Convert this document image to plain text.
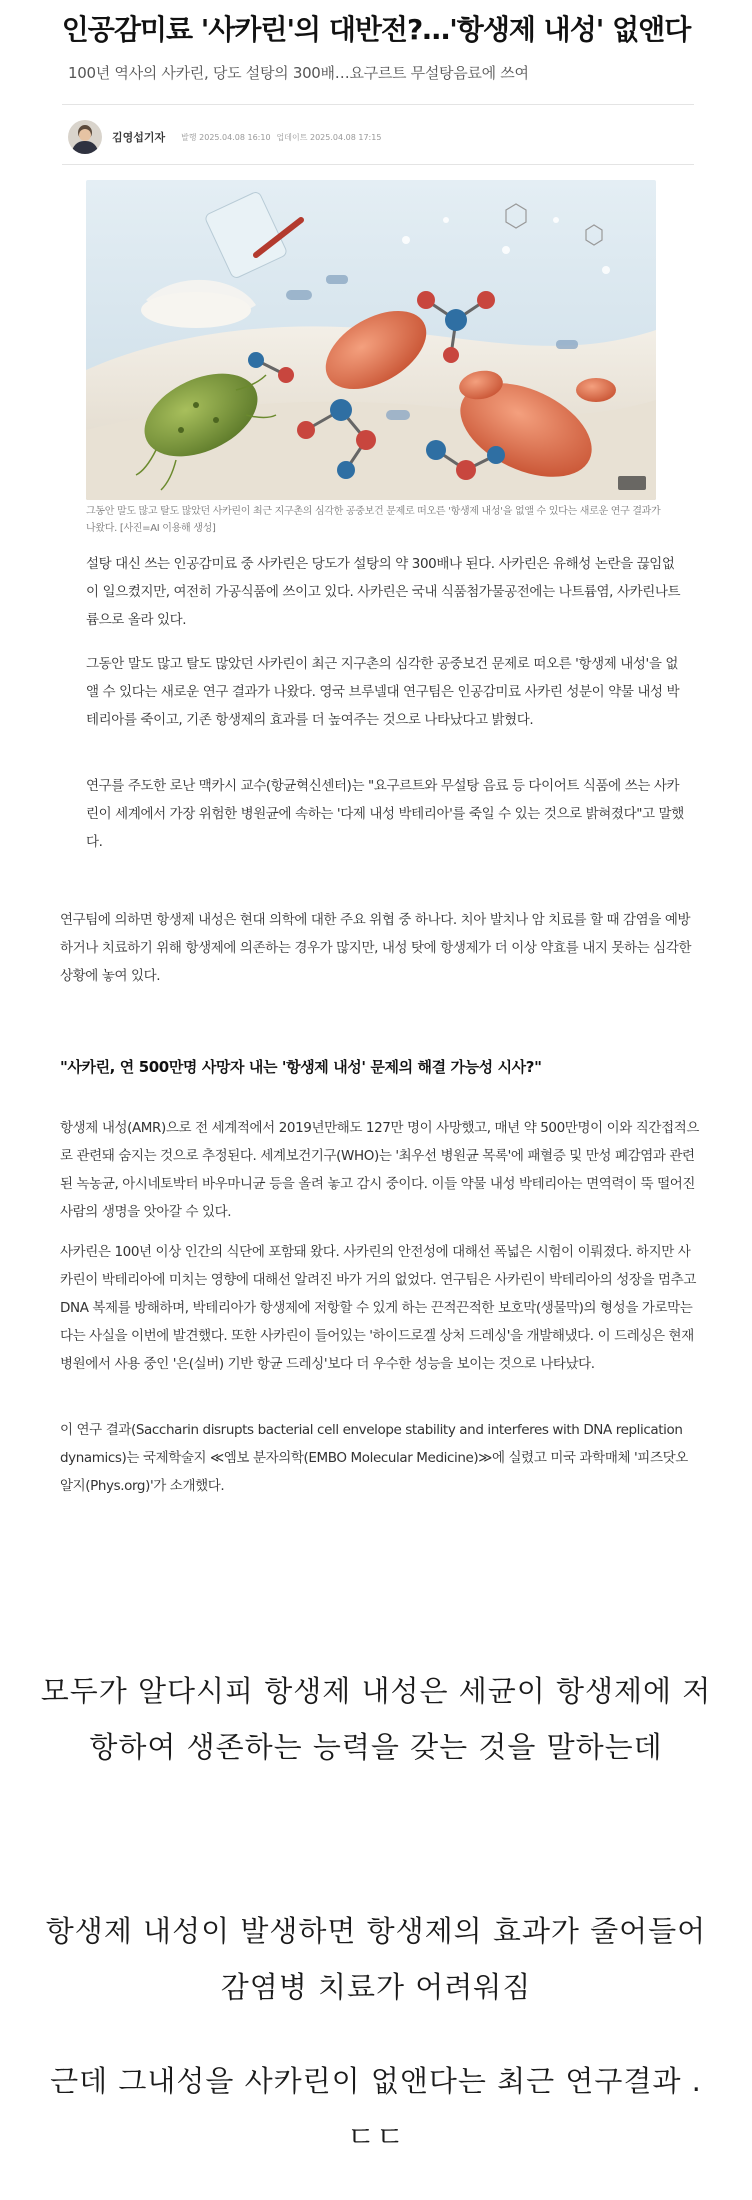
인공감미료 '사카린'의 대반전?…'항생제 내성' 없앤다
100년 역사의 사카린, 당도 설탕의 300배…요구르트 무설탕음료에 쓰여
김영섭기자 발행 2025.04.08 16:10 업데이트 2025.04.08 17:15

그동안 말도 많고 탈도 많았던 사카린이 최근 지구촌의 심각한 공중보건 문제로 떠오른 '항생제 내성'을 없앨 수 있다는 새로운 연구 결과가 나왔다. [사진=AI 이용해 생성]

설탕 대신 쓰는 인공감미료 중 사카린은 당도가 설탕의 약 300배나 된다. 사카린은 유해성 논란을 끊임없이 일으켰지만, 여전히 가공식품에 쓰이고 있다. 사카린은 국내 식품첨가물공전에는 나트륨염, 사카린나트륨으로 올라 있다.

그동안 말도 많고 탈도 많았던 사카린이 최근 지구촌의 심각한 공중보건 문제로 떠오른 '항생제 내성'을 없앨 수 있다는 새로운 연구 결과가 나왔다. 영국 브루넬대 연구팀은 인공감미료 사카린 성분이 약물 내성 박테리아를 죽이고, 기존 항생제의 효과를 더 높여주는 것으로 나타났다고 밝혔다.

연구를 주도한 로난 맥카시 교수(항균혁신센터)는 "요구르트와 무설탕 음료 등 다이어트 식품에 쓰는 사카린이 세계에서 가장 위험한 병원균에 속하는 '다제 내성 박테리아'를 죽일 수 있는 것으로 밝혀졌다"고 말했다.

연구팀에 의하면 항생제 내성은 현대 의학에 대한 주요 위협 중 하나다. 치아 발치나 암 치료를 할 때 감염을 예방하거나 치료하기 위해 항생제에 의존하는 경우가 많지만, 내성 탓에 항생제가 더 이상 약효를 내지 못하는 심각한 상황에 놓여 있다.

"사카린, 연 500만명 사망자 내는 '항생제 내성' 문제의 해결 가능성 시사?"

항생제 내성(AMR)으로 전 세계적에서 2019년만해도 127만 명이 사망했고, 매년 약 500만명이 이와 직간접적으로 관련돼 숨지는 것으로 추정된다. 세계보건기구(WHO)는 '최우선 병원균 목록'에 패혈증 및 만성 폐감염과 관련된 녹농균, 아시네토박터 바우마니균 등을 올려 놓고 감시 중이다. 이들 약물 내성 박테리아는 면역력이 뚝 떨어진 사람의 생명을 앗아갈 수 있다.

사카린은 100년 이상 인간의 식단에 포함돼 왔다. 사카린의 안전성에 대해선 폭넓은 시험이 이뤄졌다. 하지만 사카린이 박테리아에 미치는 영향에 대해선 알려진 바가 거의 없었다. 연구팀은 사카린이 박테리아의 성장을 멈추고 DNA 복제를 방해하며, 박테리아가 항생제에 저항할 수 있게 하는 끈적끈적한 보호막(생물막)의 형성을 가로막는다는 사실을 이번에 발견했다. 또한 사카린이 들어있는 '하이드로겔 상처 드레싱'을 개발해냈다. 이 드레싱은 현재 병원에서 사용 중인 '은(실버) 기반 항균 드레싱'보다 더 우수한 성능을 보이는 것으로 나타났다.

이 연구 결과(Saccharin disrupts bacterial cell envelope stability and interferes with DNA replication dynamics)는 국제학술지 ≪엠보 분자의학(EMBO Molecular Medicine)≫에 실렸고 미국 과학매체 '피즈닷오알지(Phys.org)'가 소개했다.

모두가 알다시피 항생제 내성은 세균이 항생제에 저항하여 생존하는 능력을 갖는 것을 말하는데

항생제 내성이 발생하면 항생제의 효과가 줄어들어 감염병 치료가 어려워짐

근데 그내성을 사카린이 없앤다는 최근 연구결과 .ㄷㄷ
